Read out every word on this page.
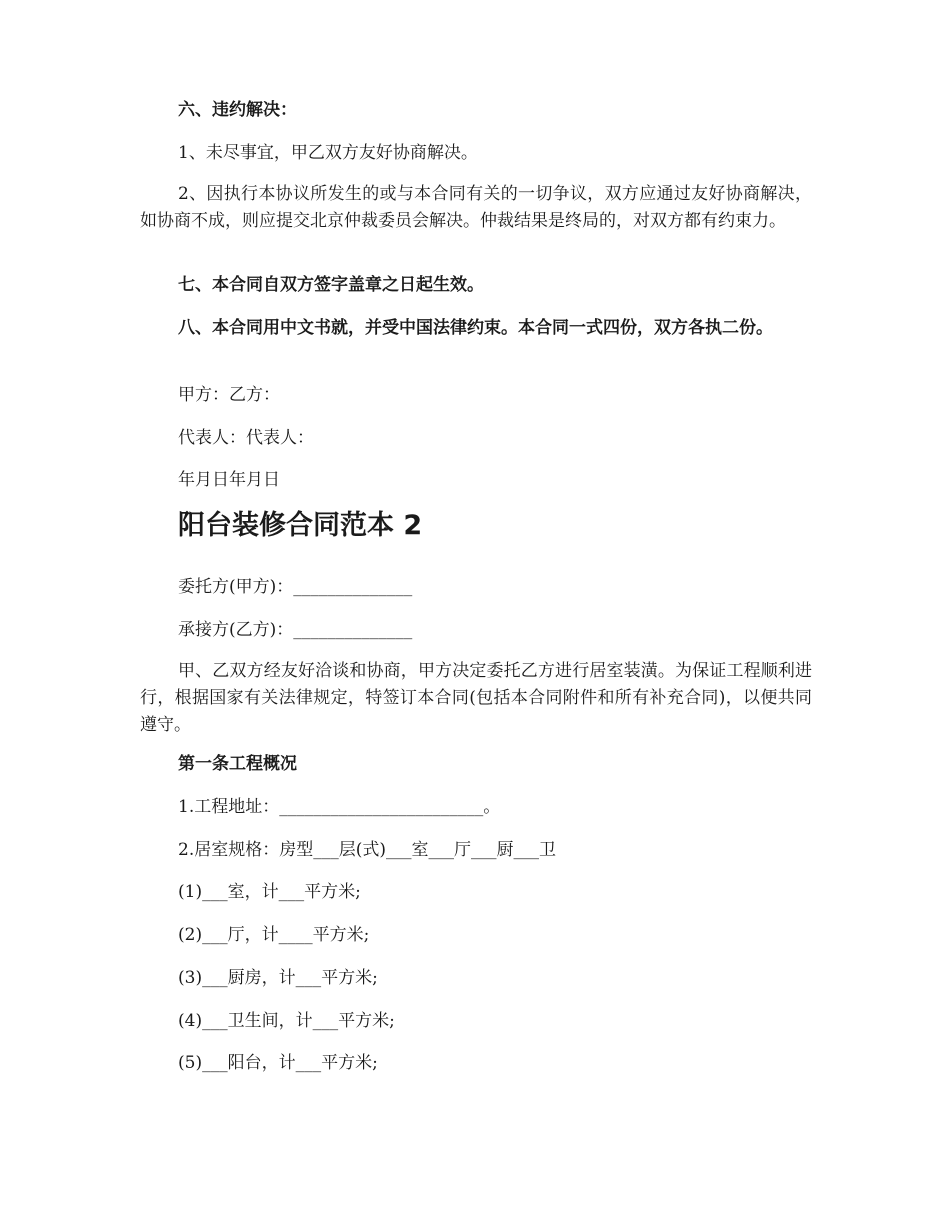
六、违约解决：

1、未尽事宜，甲乙双方友好协商解决。

2、因执行本协议所发生的或与本合同有关的一切争议，双方应通过友好协商解决，如协商不成，则应提交北京仲裁委员会解决。仲裁结果是终局的，对双方都有约束力。

七、本合同自双方签字盖章之日起生效。

八、本合同用中文书就，并受中国法律约束。本合同一式四份，双方各执二份。

甲方：乙方：

代表人：代表人：

年月日年月日

阳台装修合同范本 2

委托方(甲方)：______________

承接方(乙方)：______________

甲、乙双方经友好洽谈和协商，甲方决定委托乙方进行居室装潢。为保证工程顺利进行，根据国家有关法律规定，特签订本合同(包括本合同附件和所有补充合同)，以便共同遵守。

第一条工程概况

1.工程地址：________________________。

2.居室规格：房型___层(式)___室___厅___厨___卫

(1)___室，计___平方米;

(2)___厅，计____平方米;

(3)___厨房，计___平方米;

(4)___卫生间，计___平方米;

(5)___阳台，计___平方米;
